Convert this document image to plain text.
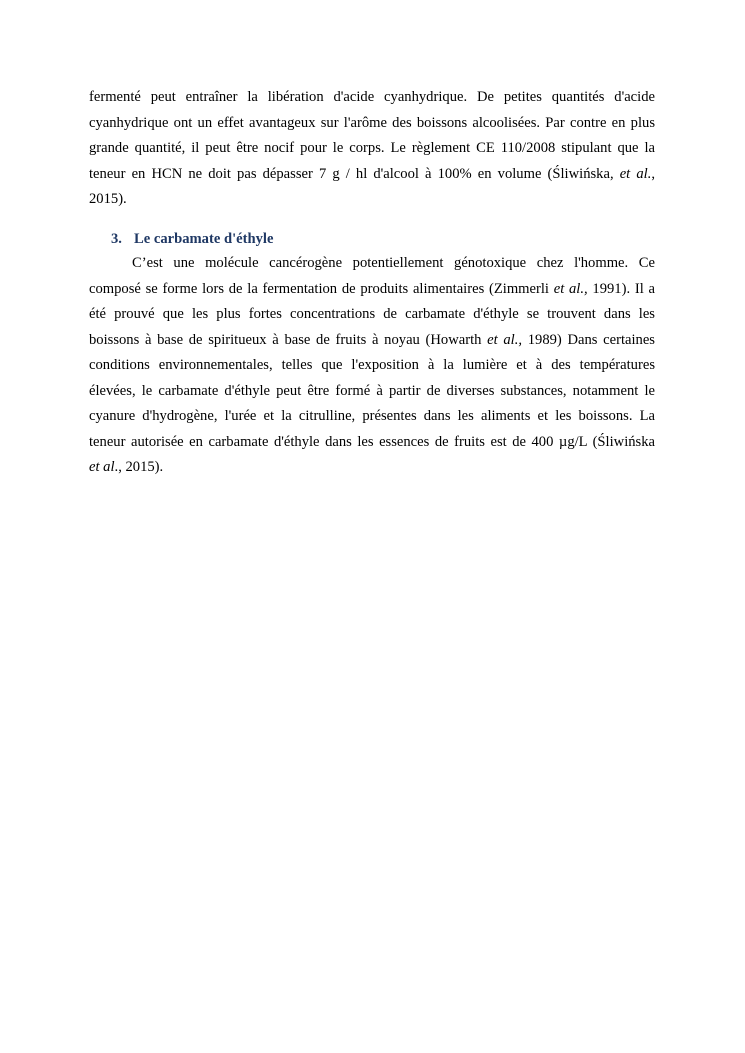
fermenté peut entraîner la libération d'acide cyanhydrique. De petites quantités d'acide
cyanhydrique ont un effet avantageux sur l'arôme des boissons alcoolisées. Par contre en plus
grande quantité, il peut être nocif pour le corps. Le règlement CE 110/2008 stipulant que la
teneur en HCN ne doit pas dépasser 7 g / hl d'alcool à 100% en volume (Śliwińska, et al.,
2015).
3. Le carbamate d'éthyle
C’est une molécule cancérogène potentiellement génotoxique chez l'homme. Ce
composé se forme lors de la fermentation de produits alimentaires (Zimmerli et al., 1991). Il a
été prouvé que les plus fortes concentrations de carbamate d'éthyle se trouvent dans les
boissons à base de spiritueux à base de fruits à noyau (Howarth et al., 1989) Dans certaines
conditions environnementales, telles que l'exposition à la lumière et à des températures
élevées, le carbamate d'éthyle peut être formé à partir de diverses substances, notamment le
cyanure d'hydrogène, l'urée et la citrulline, présentes dans les aliments et les boissons. La
teneur autorisée en carbamate d'éthyle dans les essences de fruits est de 400 µg/L (Śliwińska
et al., 2015).
